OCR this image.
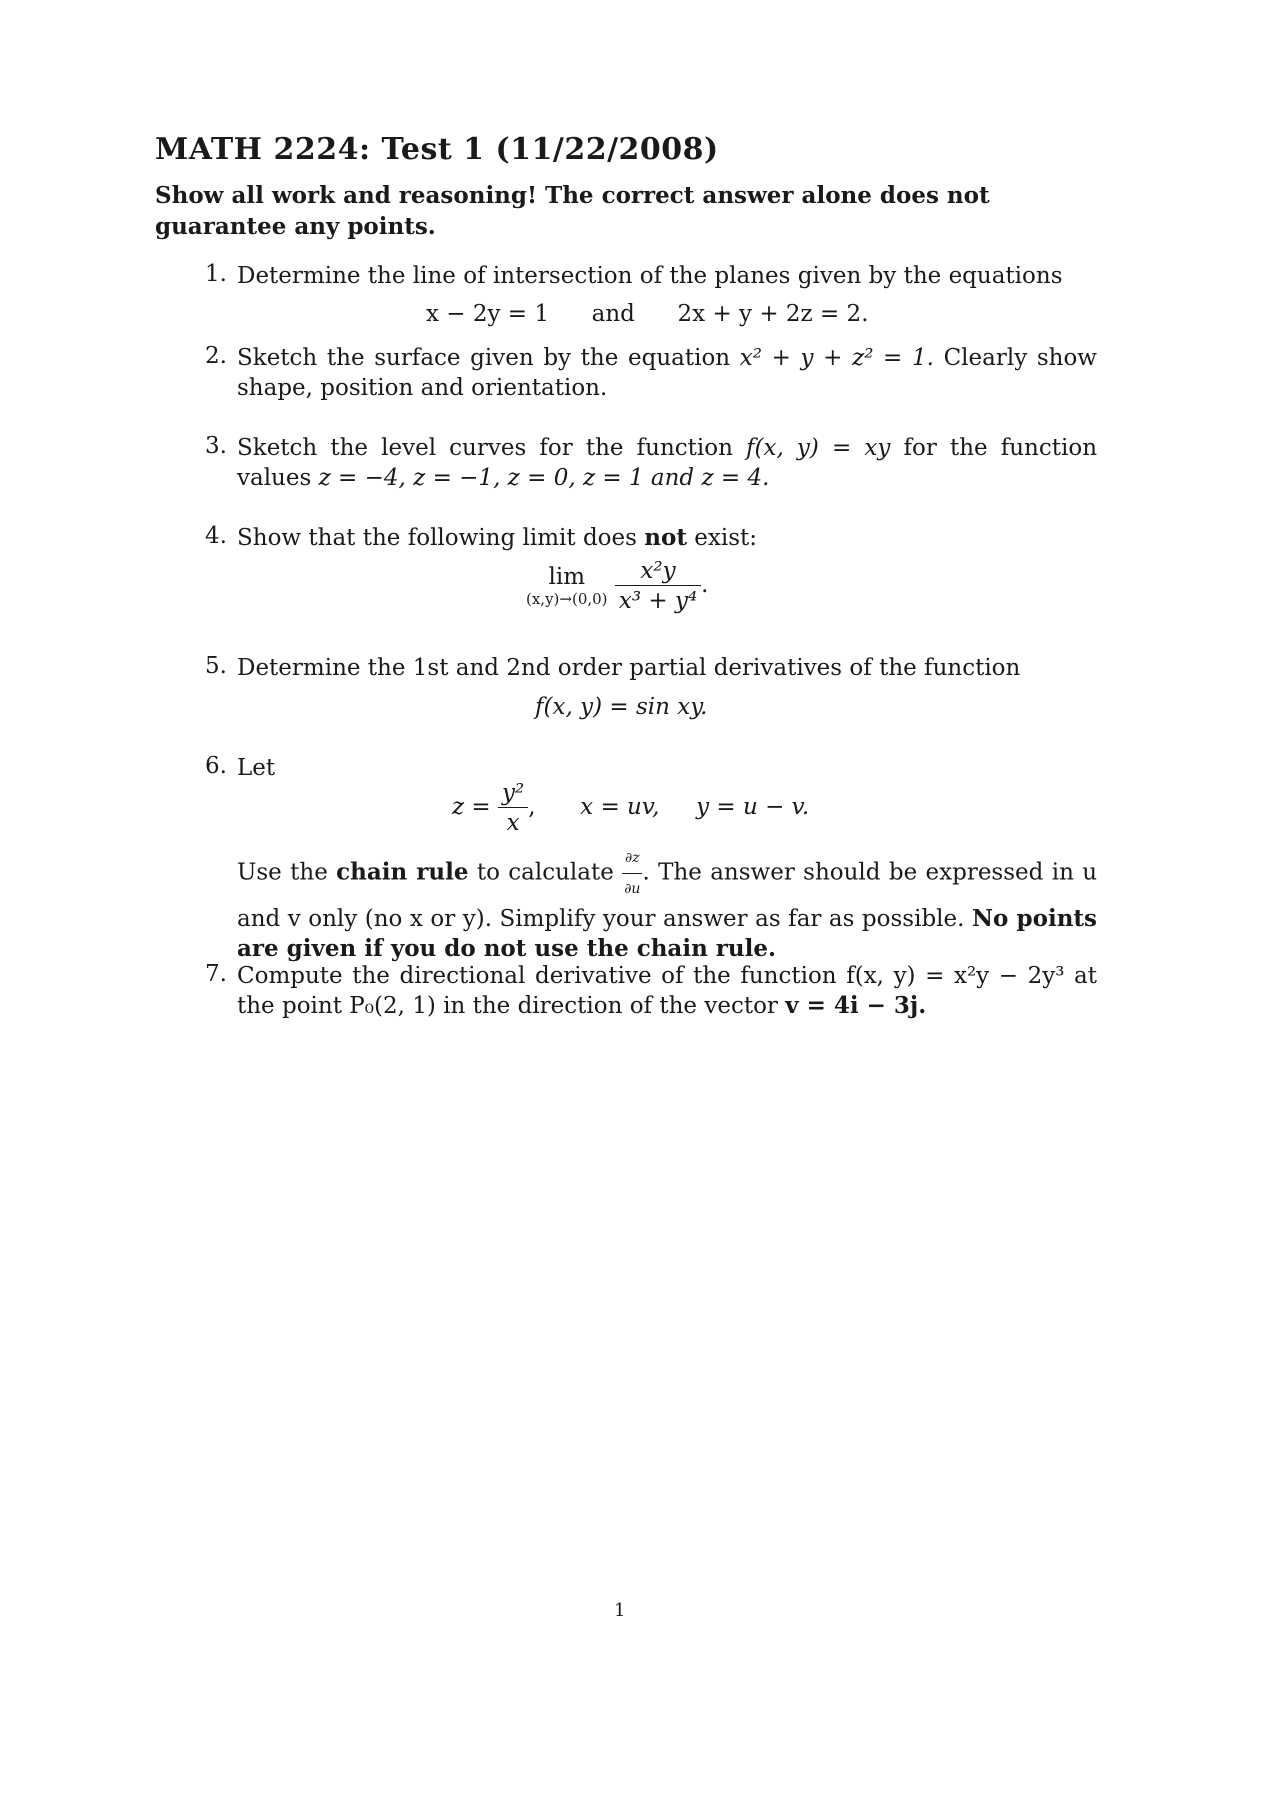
MATH 2224: Test 1 (11/22/2008)
Show all work and reasoning! The correct answer alone does not guarantee any points.
1. Determine the line of intersection of the planes given by the equations
x − 2y = 1 and 2x + y + 2z = 2.
2. Sketch the surface given by the equation x² + y + z² = 1. Clearly show shape, position and orientation.
3. Sketch the level curves for the function f(x, y) = xy for the function values z = −4, z = −1, z = 0, z = 1 and z = 4.
4. Show that the following limit does not exist:
lim
(x,y)→(0,0)
$\frac{\text{x²y}}{\text{x³ + y⁴}}$ .
5. Determine the 1st and 2nd order partial derivatives of the function
f(x, y) = sin xy.
6. Let
$z = \frac{\text{y²}}{x}$ , x = uv, y = u − v.
Use the chain rule to calculate $\frac{\partial z}{\partial u}$ . The answer should be expressed in u and v only (no x or y). Simplify your answer as far as possible. No points are given if you do not use the chain rule.
7. Compute the directional derivative of the function f(x, y) = x²y − 2y³ at the point P₀(2, 1) in the direction of the vector v = 4i − 3j.
1
